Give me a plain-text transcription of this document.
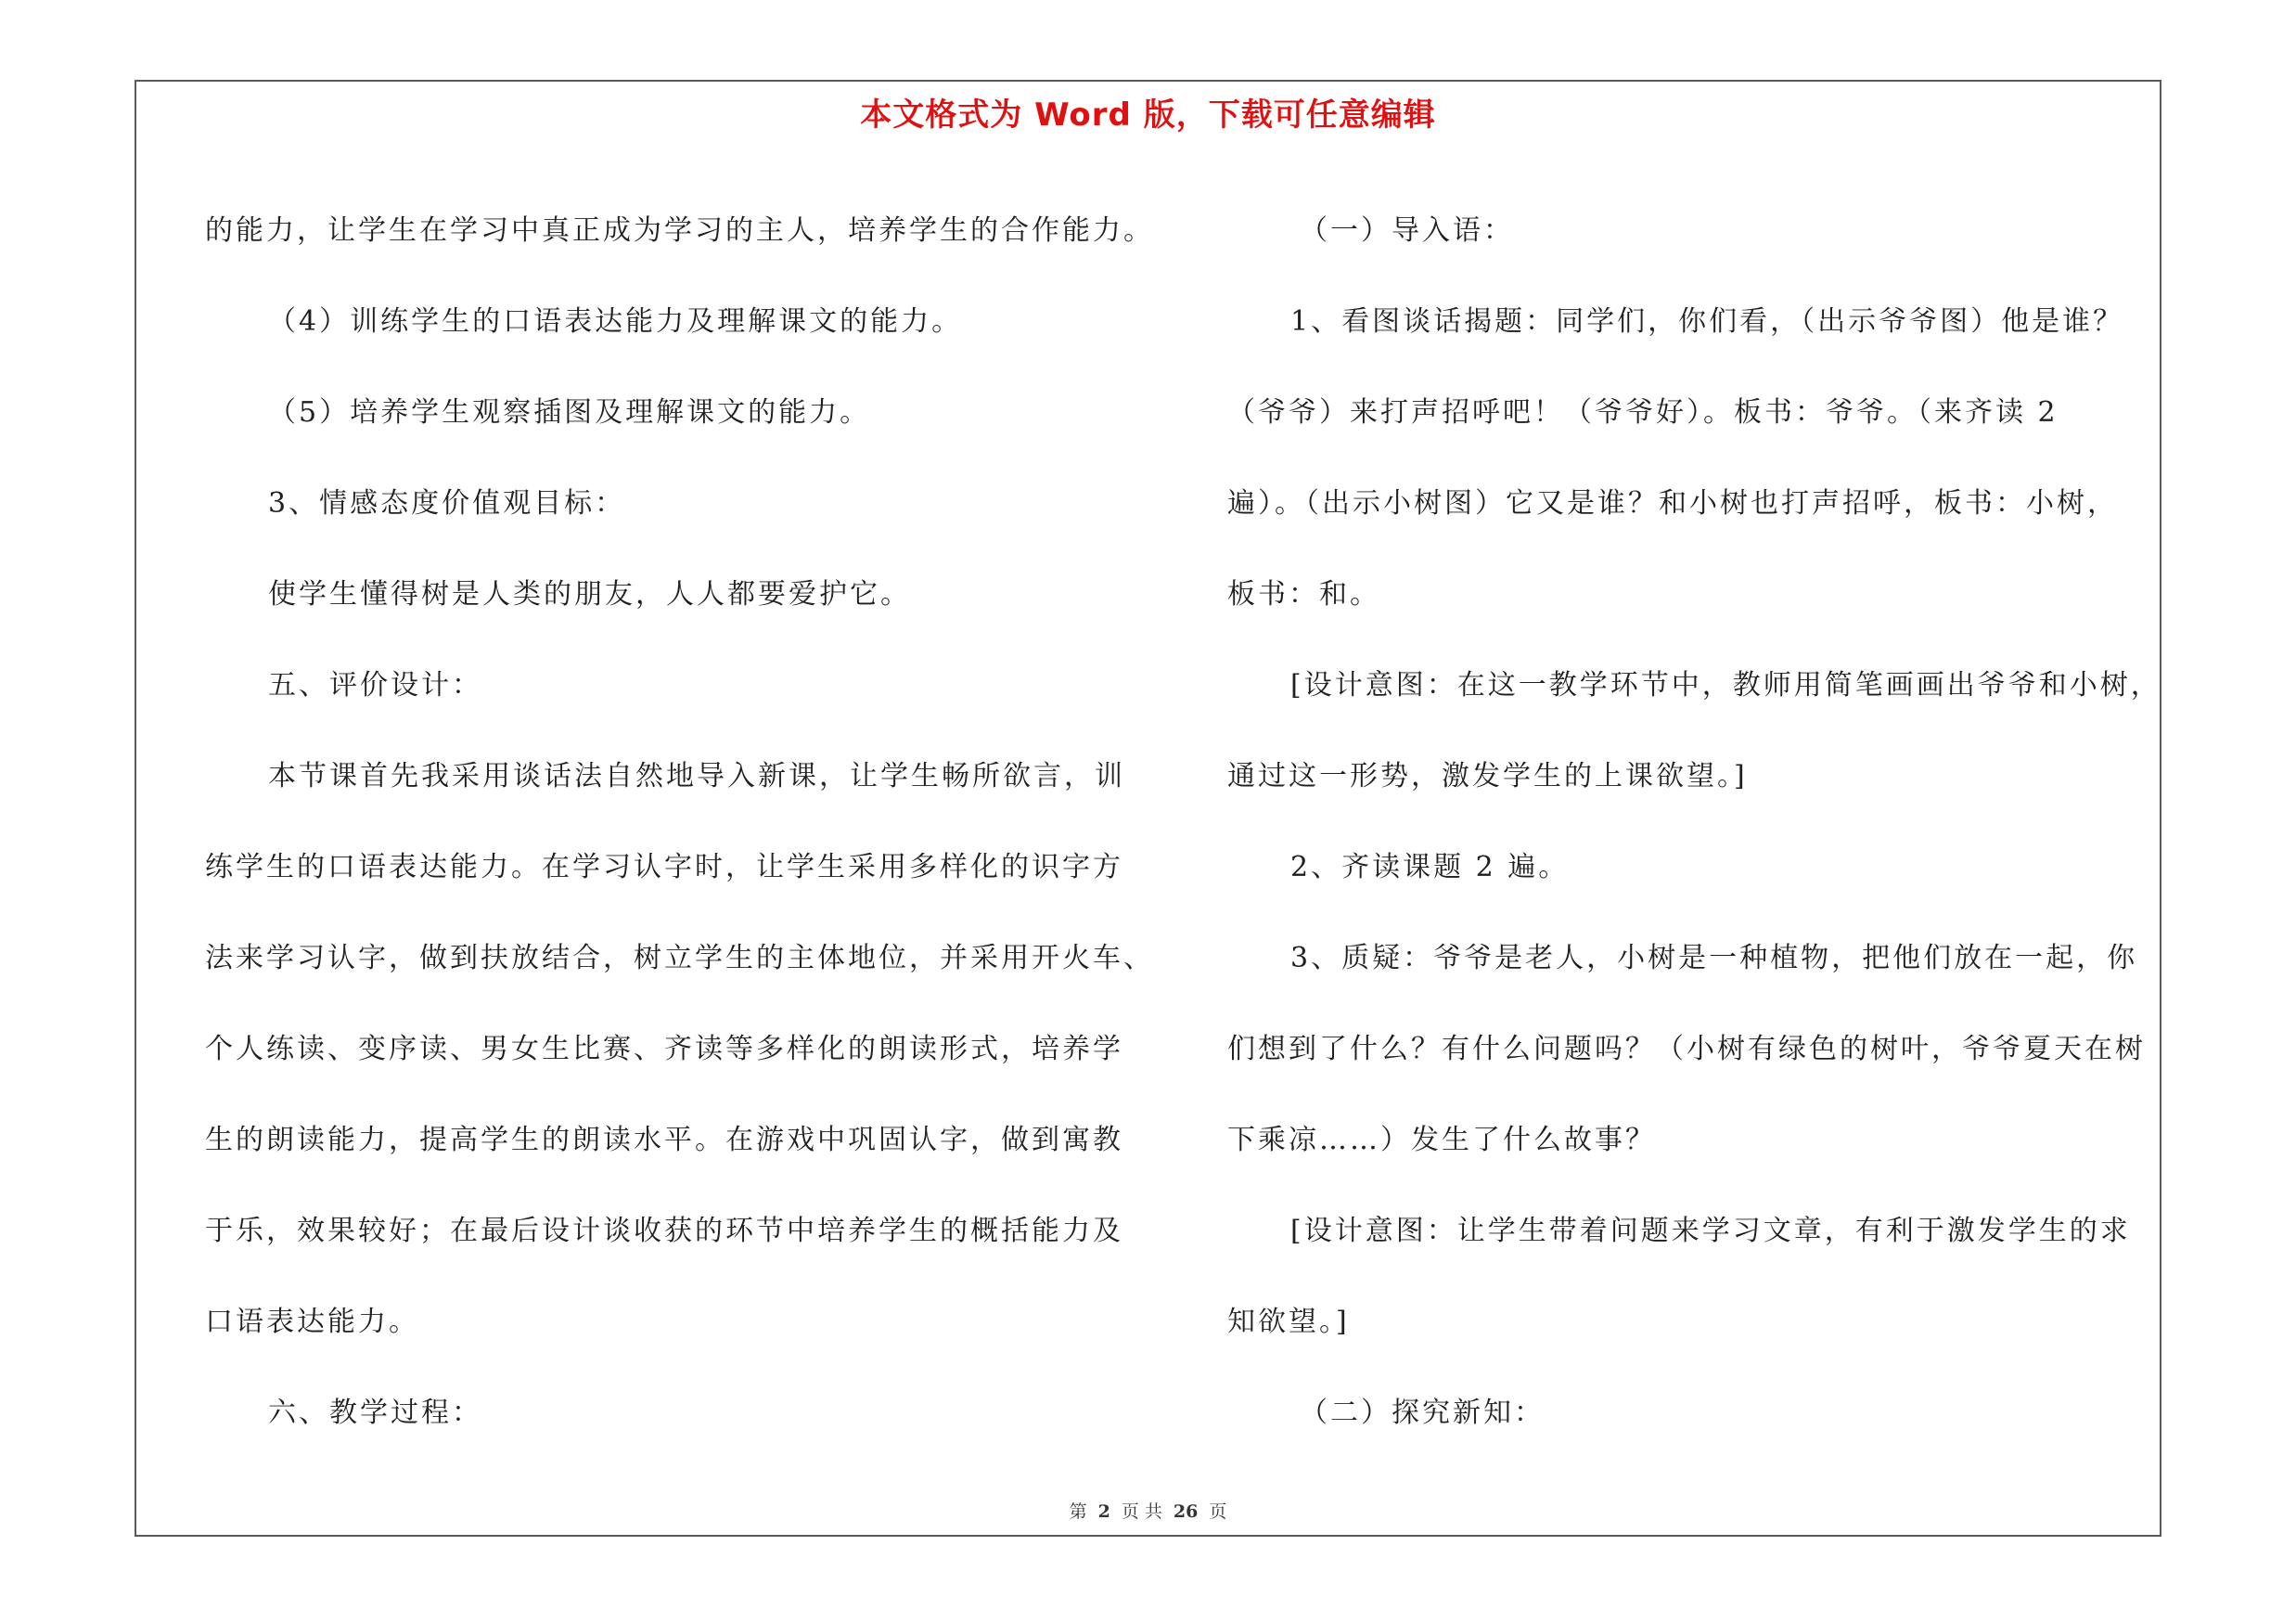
本文格式为 Word 版，下载可任意编辑
的能力，让学生在学习中真正成为学习的主人，培养学生的合作能力。
（4）训练学生的口语表达能力及理解课文的能力。
（5）培养学生观察插图及理解课文的能力。
3、情感态度价值观目标：
使学生懂得树是人类的朋友，人人都要爱护它。
五、评价设计：
本节课首先我采用谈话法自然地导入新课，让学生畅所欲言，训
练学生的口语表达能力。在学习认字时，让学生采用多样化的识字方
法来学习认字，做到扶放结合，树立学生的主体地位，并采用开火车、
个人练读、变序读、男女生比赛、齐读等多样化的朗读形式，培养学
生的朗读能力，提高学生的朗读水平。在游戏中巩固认字，做到寓教
于乐，效果较好；在最后设计谈收获的环节中培养学生的概括能力及
口语表达能力。
六、教学过程：
（一）导入语：
1、看图谈话揭题：同学们，你们看，（出示爷爷图）他是谁？
（爷爷）来打声招呼吧！（爷爷好）。板书：爷爷。（来齐读 2
遍）。（出示小树图）它又是谁？和小树也打声招呼，板书：小树，
板书：和。
[设计意图：在这一教学环节中，教师用简笔画画出爷爷和小树，
通过这一形势，激发学生的上课欲望。]
2、齐读课题 2 遍。
3、质疑：爷爷是老人，小树是一种植物，把他们放在一起，你
们想到了什么？有什么问题吗？（小树有绿色的树叶，爷爷夏天在树
下乘凉……）发生了什么故事？
[设计意图：让学生带着问题来学习文章，有利于激发学生的求
知欲望。]
（二）探究新知：
第 2 页 共 26 页
